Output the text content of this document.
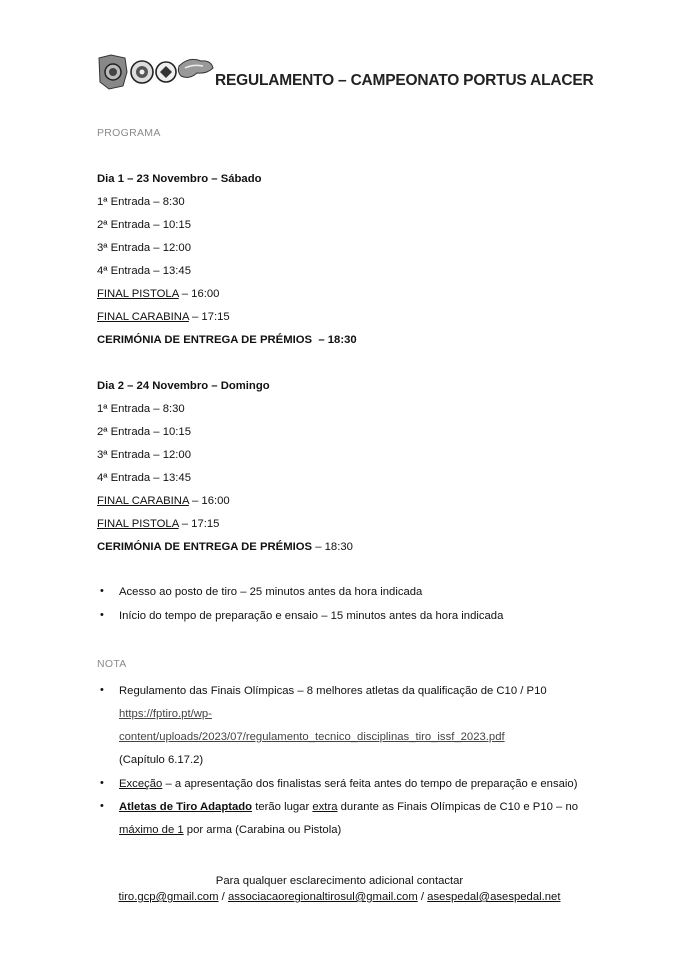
REGULAMENTO – CAMPEONATO PORTUS ALACER
PROGRAMA
Dia 1 – 23 Novembro – Sábado
1ª Entrada – 8:30
2ª Entrada – 10:15
3ª Entrada – 12:00
4ª Entrada – 13:45
FINAL PISTOLA – 16:00
FINAL CARABINA – 17:15
CERIMÓNIA DE ENTREGA DE PRÉMIOS  – 18:30
Dia 2 – 24 Novembro – Domingo
1ª Entrada – 8:30
2ª Entrada – 10:15
3ª Entrada – 12:00
4ª Entrada – 13:45
FINAL CARABINA – 16:00
FINAL PISTOLA – 17:15
CERIMÓNIA DE ENTREGA DE PRÉMIOS – 18:30
• Acesso ao posto de tiro – 25 minutos antes da hora indicada
• Início do tempo de preparação e ensaio – 15 minutos antes da hora indicada
NOTA
• Regulamento das Finais Olímpicas – 8 melhores atletas da qualificação de C10 / P10
https://fptiro.pt/wp-
content/uploads/2023/07/regulamento_tecnico_disciplinas_tiro_issf_2023.pdf
(Capítulo 6.17.2)
• Exceção – a apresentação dos finalistas será feita antes do tempo de preparação e ensaio)
• Atletas de Tiro Adaptado terão lugar extra durante as Finais Olímpicas de C10 e P10 – no
máximo de 1 por arma (Carabina ou Pistola)
Para qualquer esclarecimento adicional contactar
tiro.gcp@gmail.com / associacaoregionaltirosul@gmail.com / asespedal@asespedal.net
